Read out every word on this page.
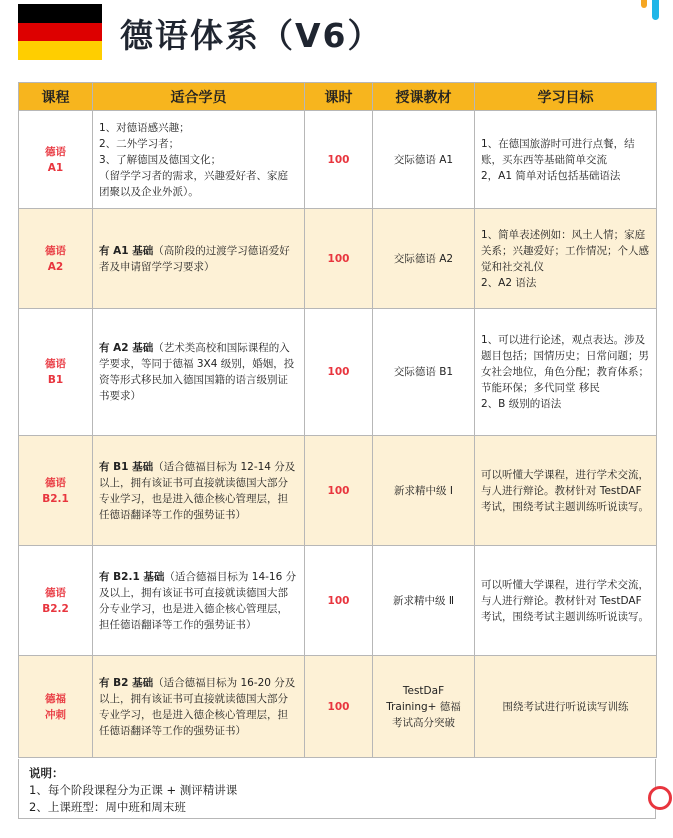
德语体系（V6）
课程	适合学员	课时	授课教材	学习目标

德语
A1	1、对德语感兴趣；
2、二外学习者；
3、了解德国及德国文化；
（留学学习者的需求，兴趣爱好者、家庭团聚以及企业外派）。	100	交际德语 A1	1、在德国旅游时可进行点餐，结账，买东西等基础简单交流
2，A1 简单对话包括基础语法

德语
A2	有 A1 基础（高阶段的过渡学习德语爱好者及申请留学学习要求）	100	交际德语 A2	1、简单表述例如：风土人情；家庭关系；兴趣爱好；工作情况；个人感觉和社交礼仪
2、A2 语法

德语
B1	有 A2 基础（艺术类高校和国际课程的入学要求，等同于德福 3X4 级别，婚姻，投资等形式移民加入德国国籍的语言级别证书要求）	100	交际德语 B1	1、可以进行论述，观点表达。涉及题目包括；国情历史；日常问题；男女社会地位，角色分配；教育体系；节能环保；多代同堂 移民　　　　　　　2、B 级别的语法

德语
B2.1	有 B1 基础（适合德福目标为 12-14 分及以上，拥有该证书可直接就读德国大部分专业学习，也是进入德企核心管理层，担任德语翻译等工作的强势证书）	100	新求精中级 Ⅰ	可以听懂大学课程，进行学术交流，与人进行辩论。教材针对 TestDAF 考试，围绕考试主题训练听说读写。

德语
B2.2	有 B2.1 基础（适合德福目标为 14-16 分及以上，拥有该证书可直接就读德国大部分专业学习，也是进入德企核心管理层，担任德语翻译等工作的强势证书）	100	新求精中级 Ⅱ	可以听懂大学课程，进行学术交流，与人进行辩论。教材针对 TestDAF 考试，围绕考试主题训练听说读写。

德福
冲刺	有 B2 基础（适合德福目标为 16-20 分及以上，拥有该证书可直接就读德国大部分专业学习，也是进入德企核心管理层，担任德语翻译等工作的强势证书）	100	TestDaF
Training+ 德福
考试高分突破	围绕考试进行听说读写训练
说明：
1、每个阶段课程分为正课 + 测评精讲课
2、上课班型：周中班和周末班
